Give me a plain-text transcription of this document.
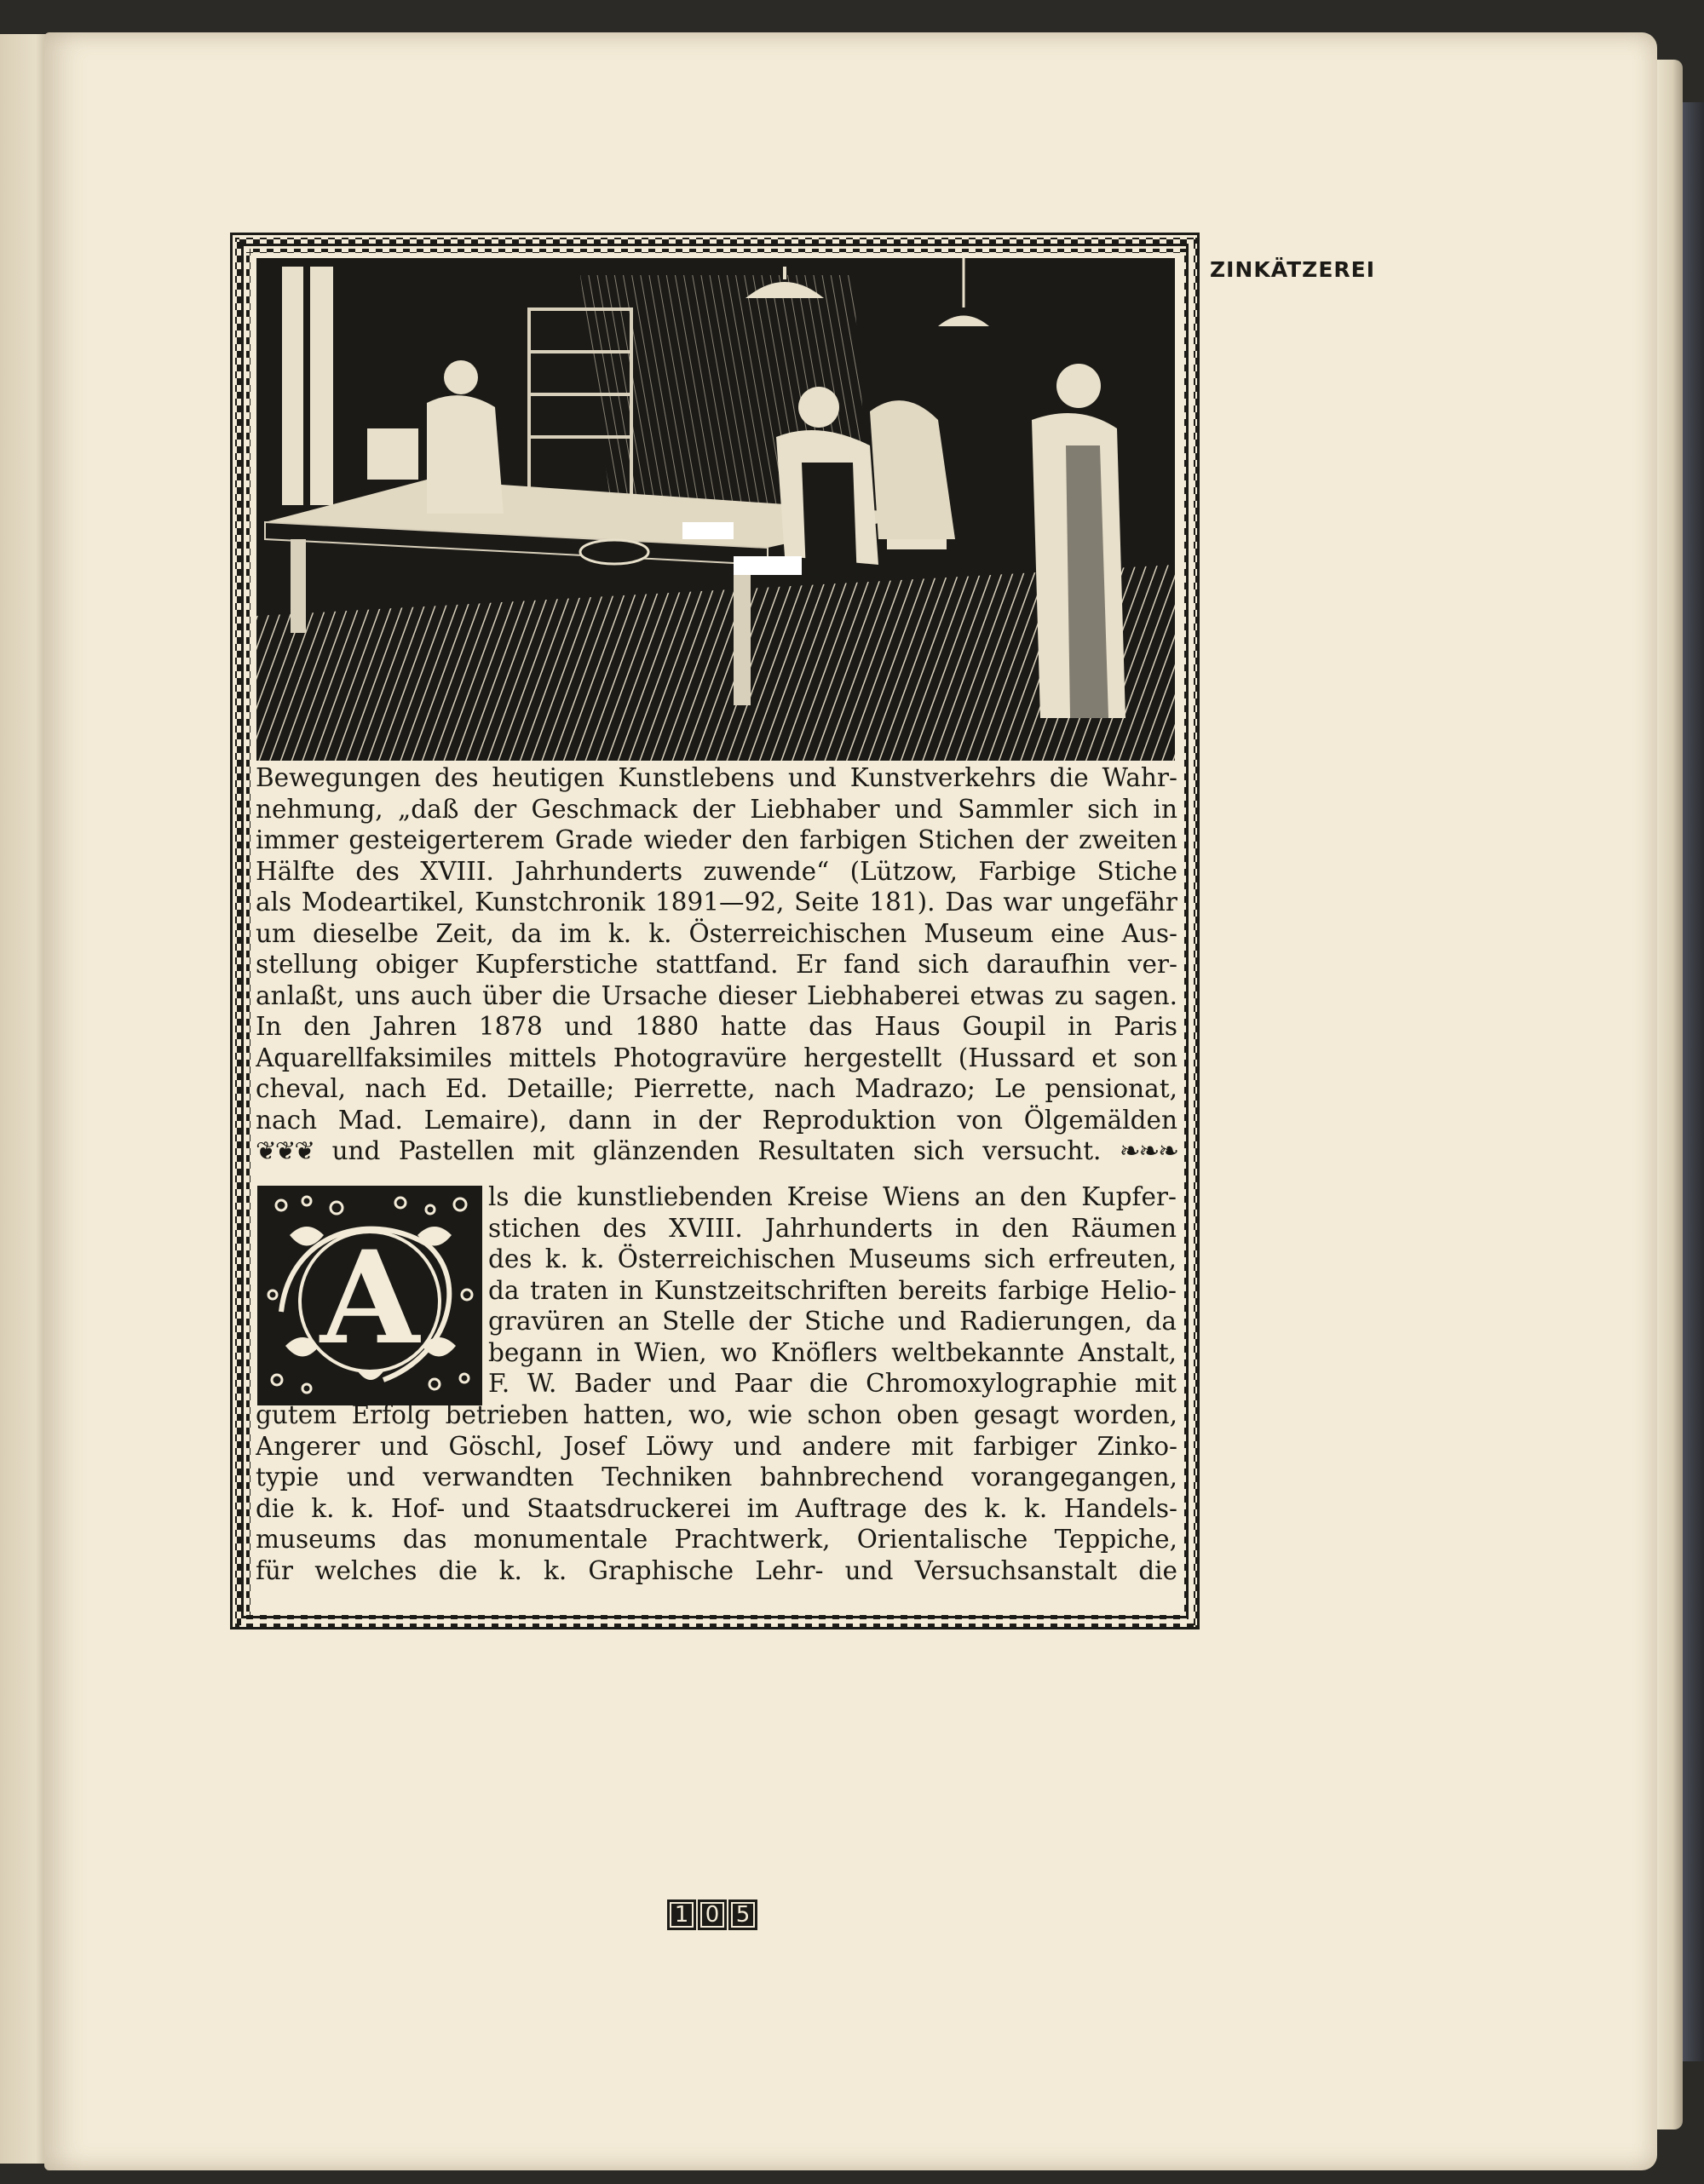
ZINKÄTZEREI
Bewegungen des heutigen Kunstlebens und Kunstverkehrs die Wahr-
nehmung, „daß der Geschmack der Liebhaber und Sammler sich in
immer gesteigerterem Grade wieder den farbigen Stichen der zweiten
Hälfte des XVIII. Jahrhunderts zuwende“ (Lützow, Farbige Stiche
als Modeartikel, Kunstchronik 1891—92, Seite 181). Das war ungefähr
um dieselbe Zeit, da im k. k. Österreichischen Museum eine Aus-
stellung obiger Kupferstiche stattfand. Er fand sich daraufhin ver-
anlaßt, uns auch über die Ursache dieser Liebhaberei etwas zu sagen.
In den Jahren 1878 und 1880 hatte das Haus Goupil in Paris
Aquarellfaksimiles mittels Photogravüre hergestellt (Hussard et son
cheval, nach Ed. Detaille; Pierrette, nach Madrazo; Le pensionat,
nach Mad. Lemaire), dann in der Reproduktion von Ölgemälden
❦❦❦ und Pastellen mit glänzenden Resultaten sich versucht. ❧❧❧
A
ls die kunstliebenden Kreise Wiens an den Kupfer-
stichen des XVIII. Jahrhunderts in den Räumen
des k. k. Österreichischen Museums sich erfreuten,
da traten in Kunstzeitschriften bereits farbige Helio-
gravüren an Stelle der Stiche und Radierungen, da
begann in Wien, wo Knöflers weltbekannte Anstalt,
F. W. Bader und Paar die Chromoxylographie mit
gutem Erfolg betrieben hatten, wo, wie schon oben gesagt worden,
Angerer und Göschl, Josef Löwy und andere mit farbiger Zinko-
typie und verwandten Techniken bahnbrechend vorangegangen,
die k. k. Hof- und Staatsdruckerei im Auftrage des k. k. Handels-
museums das monumentale Prachtwerk, Orientalische Teppiche,
für welches die k. k. Graphische Lehr- und Versuchsanstalt die
1 0 5
